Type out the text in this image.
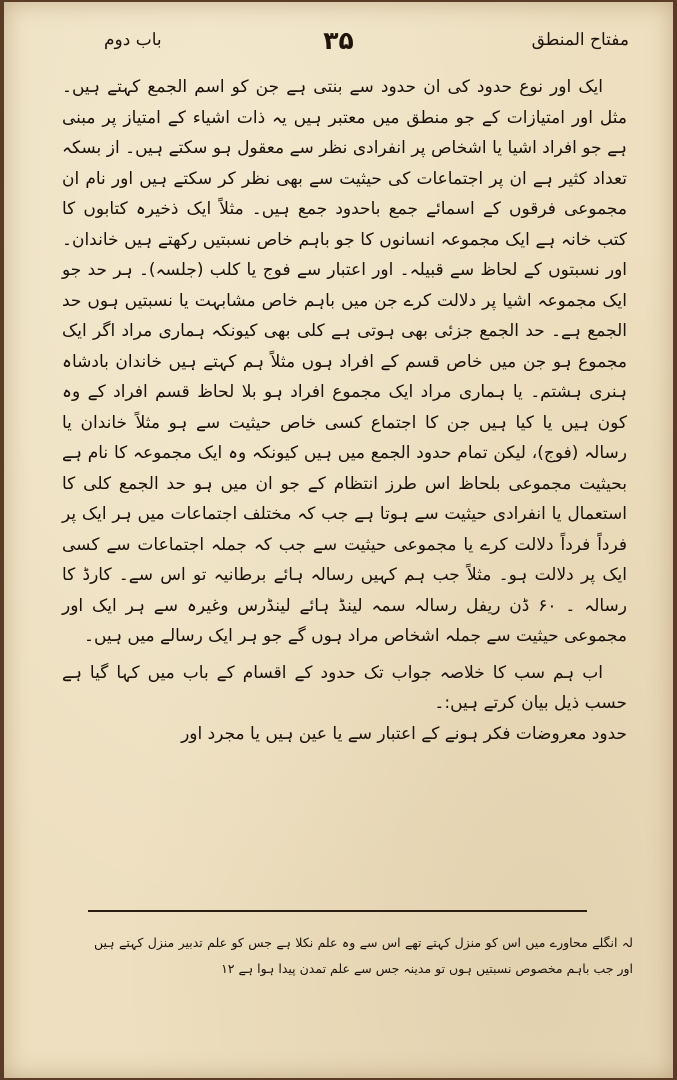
مفتاح المنطق
۳۵
باب دوم

ایک اور نوع حدود کی ان حدود سے بنتی ہے جن کو اسم الجمع کہتے ہیں۔ مثل اور امتیازات کے جو منطق میں معتبر ہیں یہ ذات اشیاء کے امتیاز پر مبنی ہے جو افراد اشیا یا اشخاص پر انفرادی نظر سے معقول ہو سکتے ہیں۔ از بسکہ تعداد کثیر ہے ان پر اجتماعات کی حیثیت سے بھی نظر کر سکتے ہیں اور نام ان مجموعی فرقوں کے اسمائے جمع باحدود جمع ہیں۔ مثلاً ایک ذخیرہ کتابوں کا کتب خانہ ہے ایک مجموعہ انسانوں کا جو باہم خاص نسبتیں رکھتے ہیں خاندان۔ اور نسبتوں کے لحاظ سے قبیلہ۔ اور اعتبار سے فوج یا کلب (جلسہ)۔ ہر حد جو ایک مجموعہ اشیا پر دلالت کرے جن میں باہم خاص مشابہت یا نسبتیں ہوں حد الجمع ہے۔ حد الجمع جزئی بھی ہوتی ہے کلی بھی کیونکہ ہماری مراد اگر ایک مجموع ہو جن میں خاص قسم کے افراد ہوں مثلاً ہم کہتے ہیں خاندان بادشاہ ہنری ہشتم۔ یا ہماری مراد ایک مجموع افراد ہو بلا لحاظ قسم افراد کے وہ کون ہیں یا کیا ہیں جن کا اجتماع کسی خاص حیثیت سے ہو مثلاً خاندان یا رسالہ (فوج)، لیکن تمام حدود الجمع میں ہیں کیونکہ وہ ایک مجموعہ کا نام ہے بحیثیت مجموعی بلحاظ اس طرز انتظام کے جو ان میں ہو حد الجمع کلی کا استعمال یا انفرادی حیثیت سے ہوتا ہے جب کہ مختلف اجتماعات میں ہر ایک پر فرداً فرداً دلالت کرے یا مجموعی حیثیت سے جب کہ جملہ اجتماعات سے کسی ایک پر دلالت ہو۔ مثلاً جب ہم کہیں رسالہ ہائے برطانیہ تو اس سے۔ کارڈ کا رسالہ ۔ ۶۰ ڈن ریفل رسالہ سمہ لینڈ ہائے لینڈرس وغیرہ سے ہر ایک اور مجموعی حیثیت سے جملہ اشخاص مراد ہوں گے جو ہر ایک رسالے میں ہیں۔

اب ہم سب کا خلاصہ جواب تک حدود کے اقسام کے باب میں کہا گیا ہے حسب ذیل بیان کرتے ہیں:۔

حدود معروضات فکر ہونے کے اعتبار سے یا عین ہیں یا مجرد اور

لہ انگلے محاورے میں اس کو منزل کہتے تھے اس سے وہ علم نکلا ہے جس کو علم تدبیر منزل کہتے ہیں اور جب باہم مخصوص نسبتیں ہوں تو مدینہ جس سے علم تمدن پیدا ہوا ہے ۱۲
